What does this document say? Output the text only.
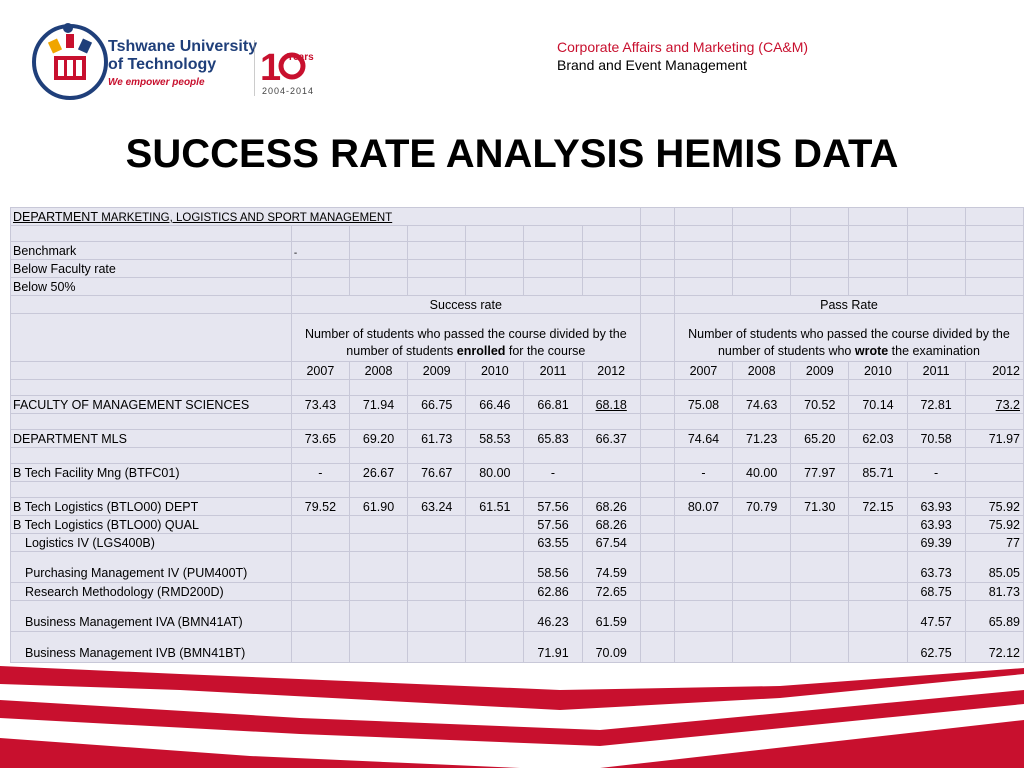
Tshwane University
of Technology
We empower people	1 Years
2004-2014
Corporate Affairs and Marketing (CA&M)
Brand and Event Management
SUCCESS RATE ANALYSIS HEMIS DATA
DEPARTMENT MARKETING, LOGISTICS AND SPORT MANAGEMENT													

Benchmark	-												
Below Faculty rate													
Below 50%													
	Success rate							Pass Rate					
	Number of students who passed the course divided by the number of students enrolled for the course							Number of students who passed the course divided by the number of students who wrote the examination					
	2007	2008	2009	2010	2011	2012		2007	2008	2009	2010	2011	2012

FACULTY OF MANAGEMENT SCIENCES	73.43	71.94	66.75	66.46	66.81	68.18		75.08	74.63	70.52	70.14	72.81	73.2

DEPARTMENT MLS	73.65	69.20	61.73	58.53	65.83	66.37		74.64	71.23	65.20	62.03	70.58	71.97

B Tech Facility Mng (BTFC01)	-	26.67	76.67	80.00	-			-	40.00	77.97	85.71	-	

B Tech Logistics (BTLO00) DEPT	79.52	61.90	63.24	61.51	57.56	68.26		80.07	70.79	71.30	72.15	63.93	75.92
B Tech Logistics (BTLO00) QUAL					57.56	68.26						63.93	75.92
Logistics IV (LGS400B)					63.55	67.54						69.39	77
Purchasing Management IV (PUM400T)					58.56	74.59						63.73	85.05
Research Methodology (RMD200D)					62.86	72.65						68.75	81.73
Business Management IVA (BMN41AT)					46.23	61.59						47.57	65.89
Business Management IVB (BMN41BT)					71.91	70.09						62.75	72.12
